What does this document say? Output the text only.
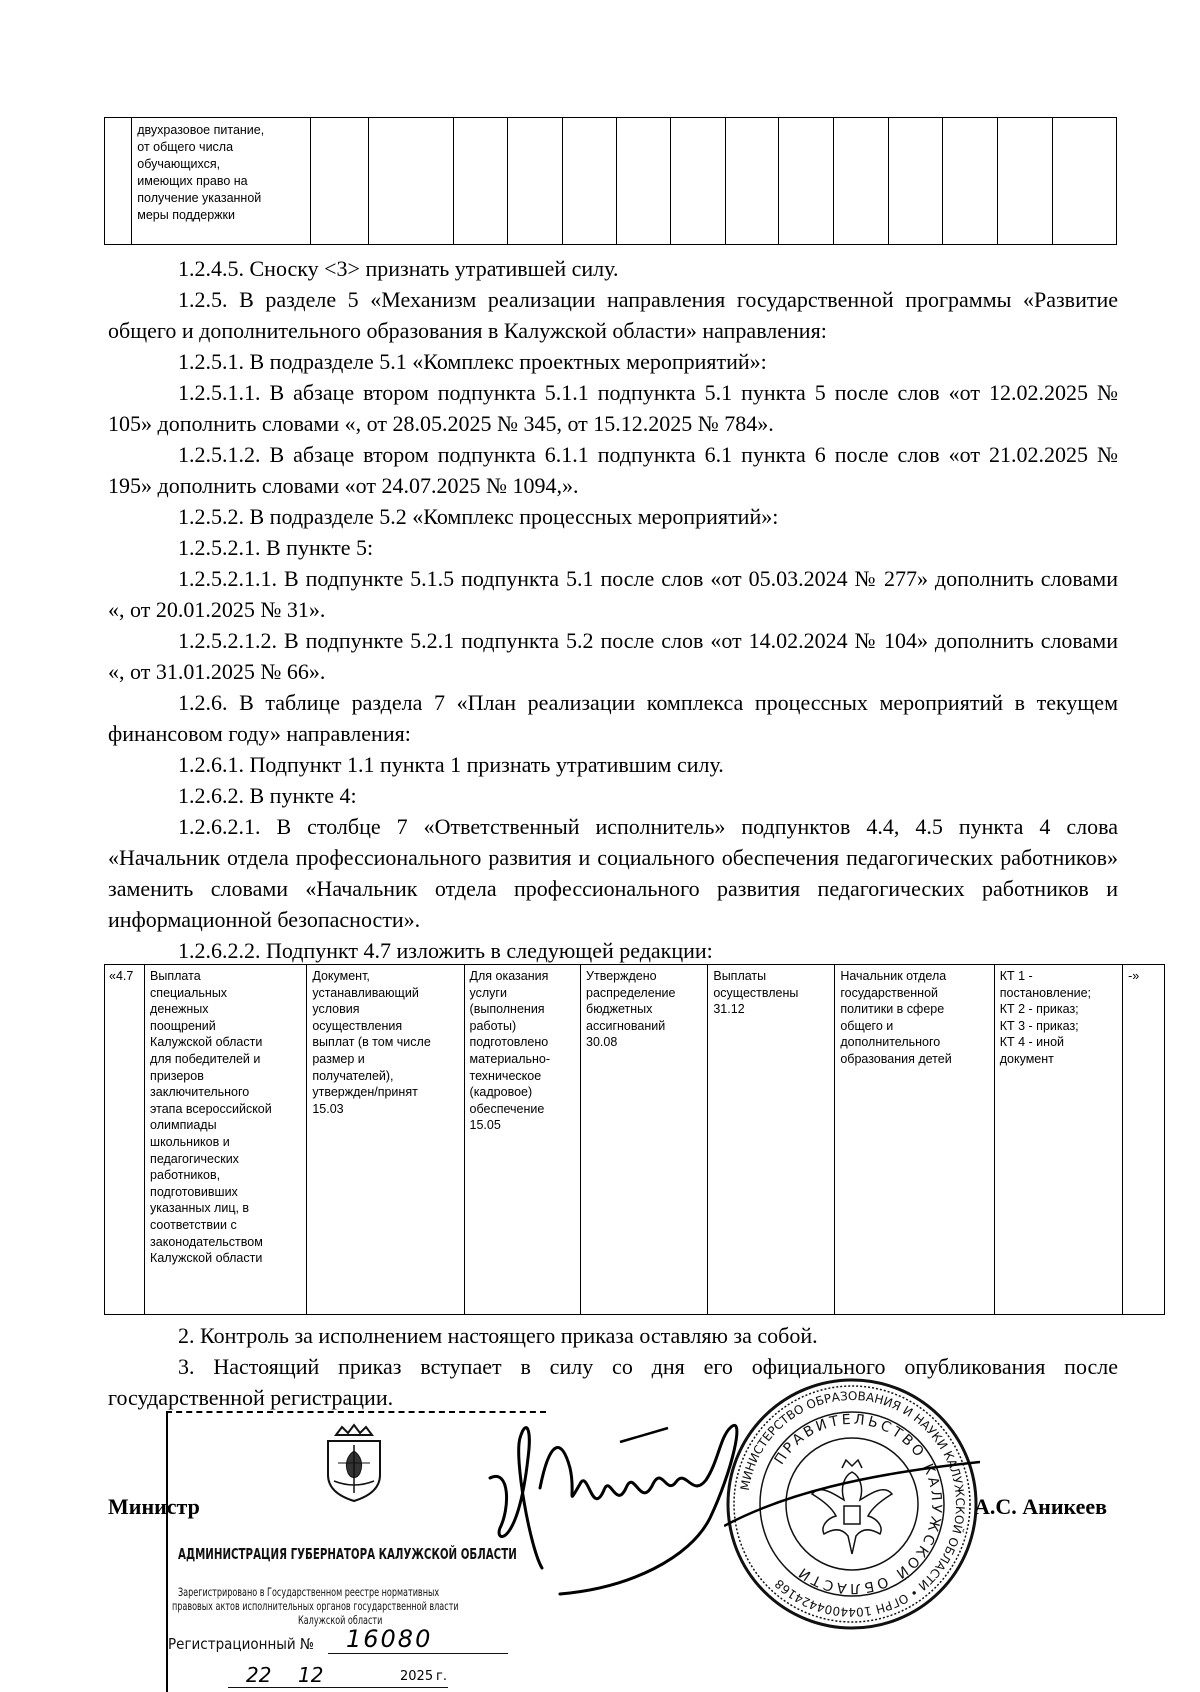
двухразовое питание,
от общего числа
обучающихся,
имеющих право на
получение указанной
меры поддержки

1.2.4.5. Сноску <3> признать утратившей силу.
1.2.5. В разделе 5 «Механизм реализации направления государственной программы «Развитие общего и дополнительного образования в Калужской области» направления:
1.2.5.1. В подразделе 5.1 «Комплекс проектных мероприятий»:
1.2.5.1.1. В абзаце втором подпункта 5.1.1 подпункта 5.1 пункта 5 после слов «от 12.02.2025 № 105» дополнить словами «, от 28.05.2025 № 345, от 15.12.2025 № 784».
1.2.5.1.2. В абзаце втором подпункта 6.1.1 подпункта 6.1 пункта 6 после слов «от 21.02.2025 № 195» дополнить словами «от 24.07.2025 № 1094,».
1.2.5.2. В подразделе 5.2 «Комплекс процессных мероприятий»:
1.2.5.2.1. В пункте 5:
1.2.5.2.1.1. В подпункте 5.1.5 подпункта 5.1 после слов «от 05.03.2024 № 277» дополнить словами «, от 20.01.2025 № 31».
1.2.5.2.1.2. В подпункте 5.2.1 подпункта 5.2 после слов «от 14.02.2024 № 104» дополнить словами «, от 31.01.2025 № 66».
1.2.6. В таблице раздела 7 «План реализации комплекса процессных мероприятий в текущем финансовом году» направления:
1.2.6.1. Подпункт 1.1 пункта 1 признать утратившим силу.
1.2.6.2. В пункте 4:
1.2.6.2.1. В столбце 7 «Ответственный исполнитель» подпунктов 4.4, 4.5 пункта 4 слова «Начальник отдела профессионального развития и социального обеспечения педагогических работников» заменить словами «Начальник отдела профессионального развития педагогических работников и информационной безопасности».
1.2.6.2.2. Подпункт 4.7 изложить в следующей редакции:
«4.7	Выплата
специальных
денежных
поощрений
Калужской области
для победителей и
призеров
заключительного
этапа всероссийской
олимпиады
школьников и
педагогических
работников,
подготовивших
указанных лиц, в
соответствии с
законодательством
Калужской области

Документ,
устанавливающий
условия
осуществления
выплат (в том числе
размер и
получателей),
утвержден/принят
15.03

Для оказания
услуги
(выполнения
работы)
подготовлено
материально-
техническое
(кадровое)
обеспечение
15.05

Утверждено
распределение
бюджетных
ассигнований
30.08

Выплаты
осуществлены
31.12

Начальник отдела
государственной
политики в сфере
общего и
дополнительного
образования детей

КТ 1 -
постановление;
КТ 2 - приказ;
КТ 3 - приказ;
КТ 4 - иной
документ

-»
2. Контроль за исполнением настоящего приказа оставляю за собой.
3. Настоящий приказ вступает в силу со дня его официального опубликования после государственной регистрации.
АДМИНИСТРАЦИЯ ГУБЕРНАТОРА КАЛУЖСКОЙ ОБЛАСТИ
Зарегистрировано в Государственном реестре нормативных
правовых актов исполнительных органов государственной власти
Калужской области
Регистрационный № 16080
22 12	2025 г.
Министр	А.С. Аникеев
МИНИСТЕРСТВО ОБРАЗОВАНИЯ И НАУКИ КАЛУЖСКОЙ ОБЛАСТИ • ОГРН 1044004424168
ПРАВИТЕЛЬСТВО КАЛУЖСКОЙ ОБЛАСТИ
